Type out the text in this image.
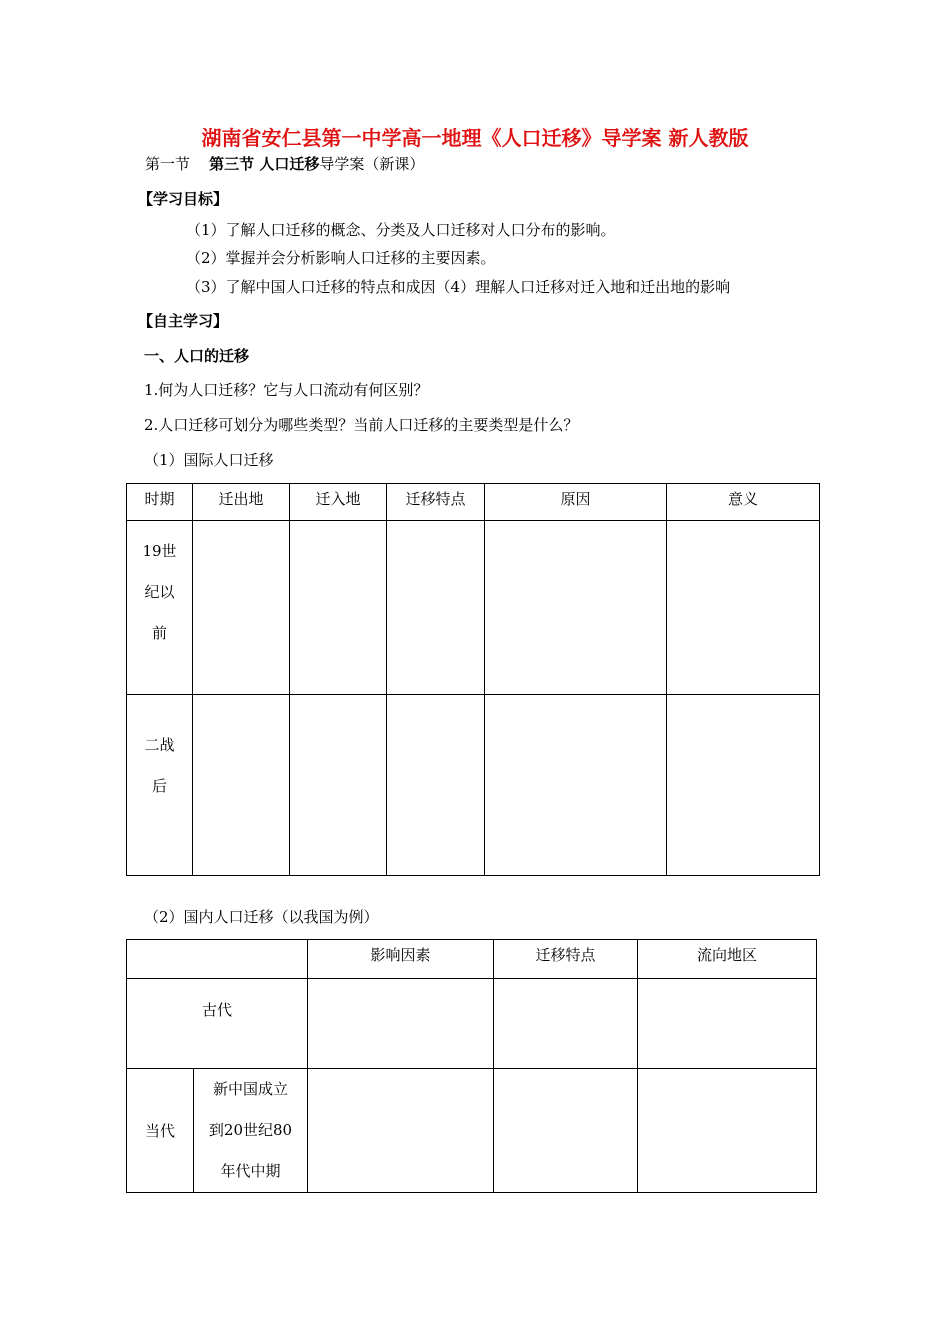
湖南省安仁县第一中学高一地理《人口迁移》导学案 新人教版
第一节 第三节 人口迁移导学案（新课）
【学习目标】
（1）了解人口迁移的概念、分类及人口迁移对人口分布的影响。
（2）掌握并会分析影响人口迁移的主要因素。
（3）了解中国人口迁移的特点和成因（4）理解人口迁移对迁入地和迁出地的影响
【自主学习】
一、人口的迁移
1.何为人口迁移？它与人口流动有何区别？
2.人口迁移可划分为哪些类型？当前人口迁移的主要类型是什么？
（1）国际人口迁移
时期	迁出地	迁入地	迁移特点	原因	意义

19世
纪以
前					

二战
后					

（2）国内人口迁移（以我国为例）
		影响因素	迁移特点	流向地区
古代				
当代	新中国成立
到20世纪80
年代中期			
